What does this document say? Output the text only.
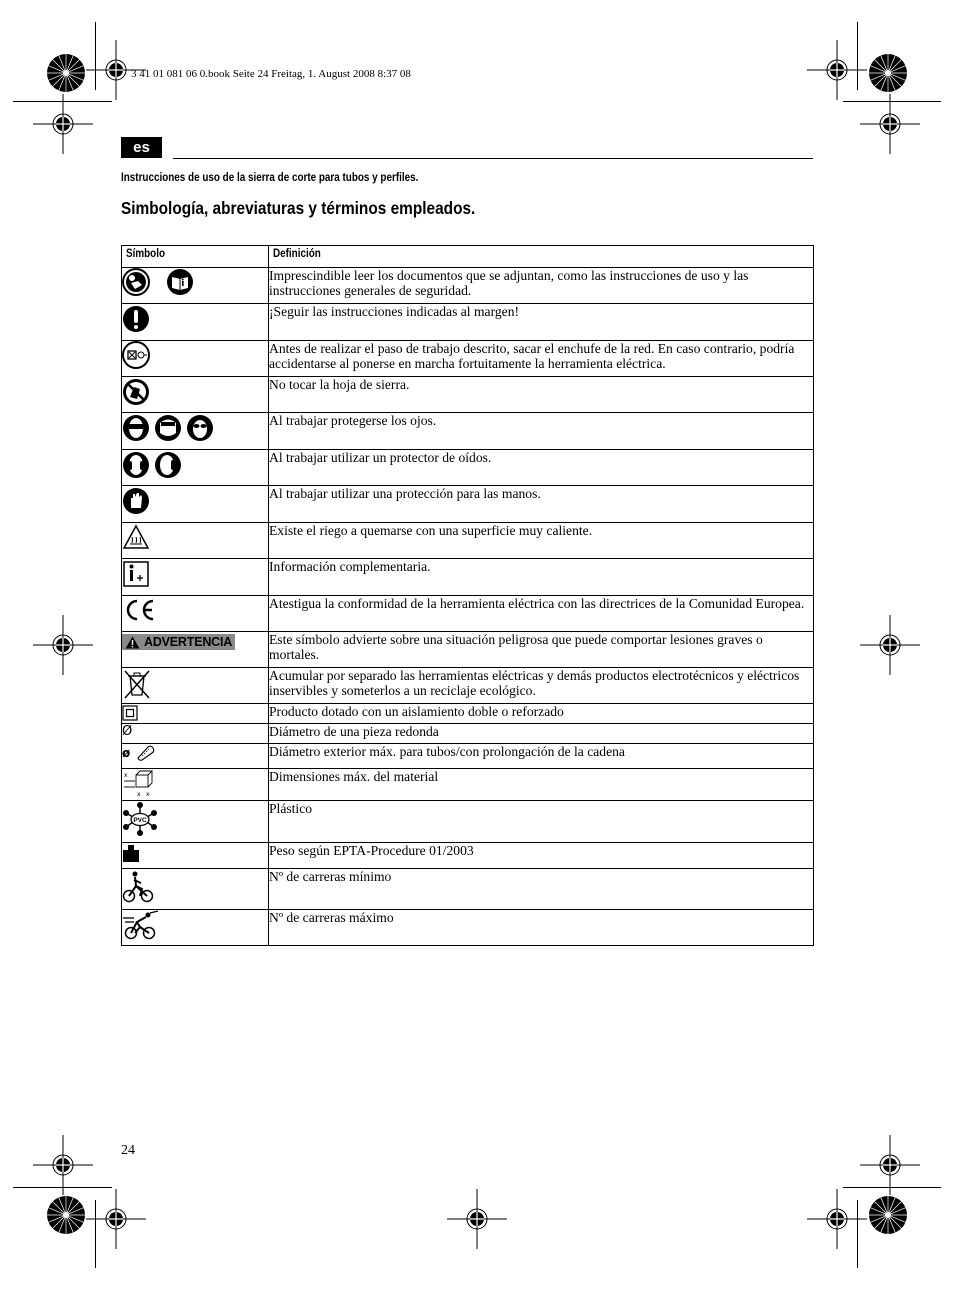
3 41 01 081 06 0.book Seite 24 Freitag, 1. August 2008 8:37 08
es
Instrucciones de uso de la sierra de corte para tubos y perfiles.
Simbología, abreviaturas y términos empleados.
Símbolo	Definición

	Imprescindible leer los documentos que se adjuntan, como las instrucciones de uso y las instrucciones generales de seguridad.

	¡Seguir las instrucciones indicadas al margen!

	Antes de realizar el paso de trabajo descrito, sacar el enchufe de la red. En caso contrario, podría accidentarse al ponerse en marcha fortuitamente la herramienta eléctrica.

	No tocar la hoja de sierra.

	Al trabajar protegerse los ojos.

	Al trabajar utilizar un protector de oídos.

	Al trabajar utilizar una protección para las manos.

	Existe el riego a quemarse con una superficie muy caliente.

	Información complementaria.

	Atestigua la conformidad de la herramienta eléctrica con las directrices de la Comunidad Europea.

ADVERTENCIA	Este símbolo advierte sobre una situación peligrosa que puede comportar lesiones graves o mortales.

	Acumular por separado las herramientas eléctricas y demás productos electrotécnicos y eléctricos inservibles y someterlos a un reciclaje ecológico.

	Producto dotado con un aislamiento doble o reforzado
Ø	Diámetro de una pieza redonda

ø	Diámetro exterior máx. para tubos/con prolongación de la cadena

x
x x	Dimensiones máx. del material

PVC	Plástico

	Peso según EPTA-Procedure 01/2003

	Nº de carreras mínimo

	Nº de carreras máximo
24
